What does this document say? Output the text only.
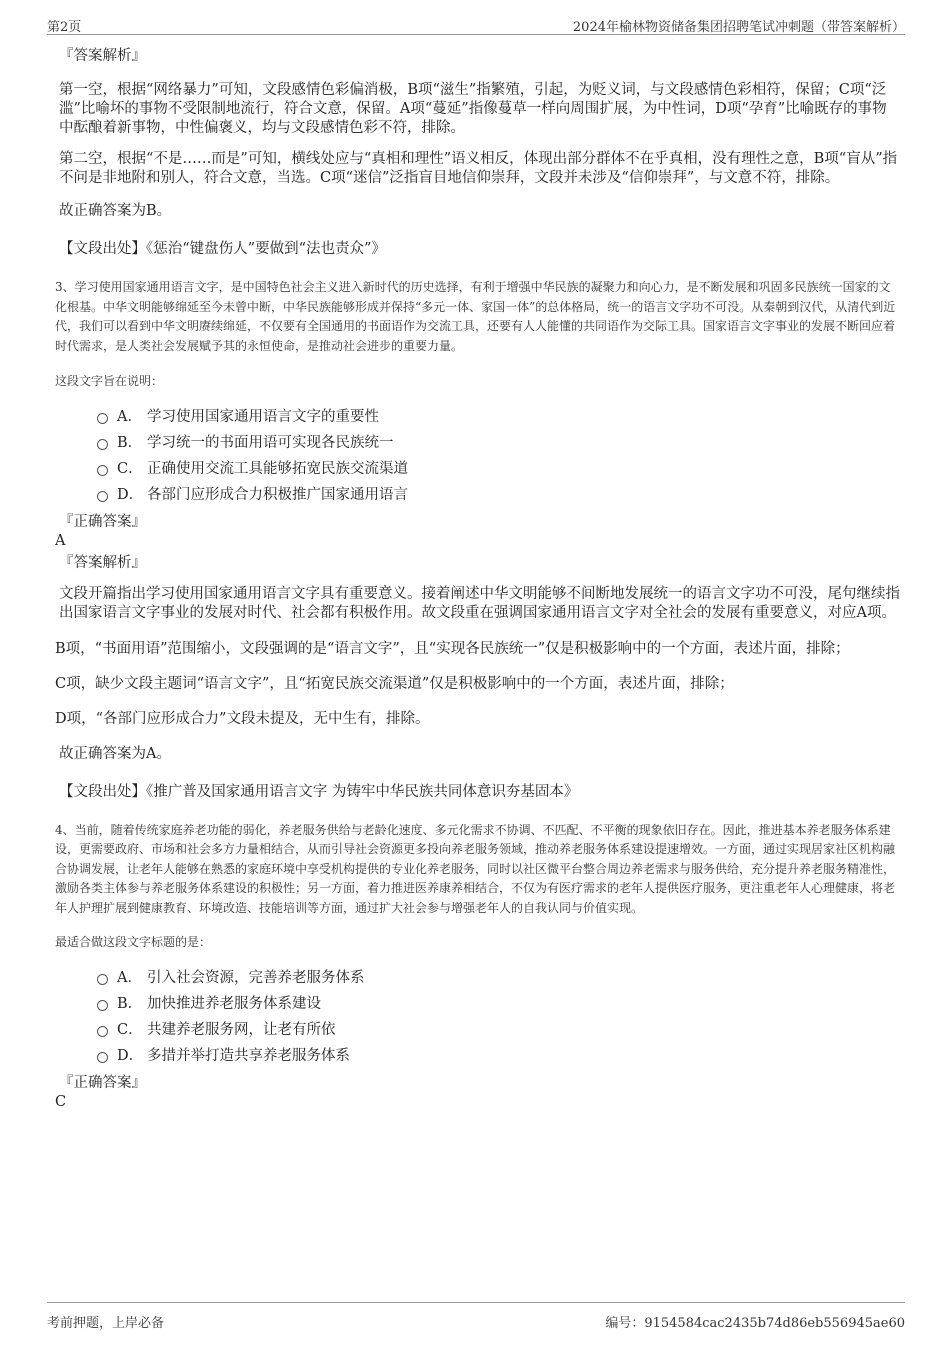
第2页	2024年榆林物资储备集团招聘笔试冲刺题（带答案解析）
『答案解析』
第一空，根据“网络暴力”可知，文段感情色彩偏消极，B项“滋生”指繁殖，引起，为贬义词，与文段感情色彩相符，保留；C项“泛滥”比喻坏的事物不受限制地流行，符合文意，保留。A项“蔓延”指像蔓草一样向周围扩展，为中性词，D项“孕育”比喻既存的事物中酝酿着新事物，中性偏褒义，均与文段感情色彩不符，排除。
第二空，根据“不是……而是”可知，横线处应与“真相和理性”语义相反，体现出部分群体不在乎真相，没有理性之意，B项“盲从”指不问是非地附和别人，符合文意，当选。C项“迷信”泛指盲目地信仰崇拜，文段并未涉及“信仰崇拜”，与文意不符，排除。
故正确答案为B。
【文段出处】《惩治“键盘伤人”要做到“法也责众”》
3、学习使用国家通用语言文字，是中国特色社会主义进入新时代的历史选择，有利于增强中华民族的凝聚力和向心力，是不断发展和巩固多民族统一国家的文化根基。中华文明能够绵延至今未曾中断，中华民族能够形成并保持“多元一体、家国一体”的总体格局，统一的语言文字功不可没。从秦朝到汉代，从清代到近代，我们可以看到中华文明赓续绵延，不仅要有全国通用的书面语作为交流工具，还要有人人能懂的共同语作为交际工具。国家语言文字事业的发展不断回应着时代需求，是人类社会发展赋予其的永恒使命，是推动社会进步的重要力量。
这段文字旨在说明：
A． 学习使用国家通用语言文字的重要性
B． 学习统一的书面用语可实现各民族统一
C． 正确使用交流工具能够拓宽民族交流渠道
D． 各部门应形成合力积极推广国家通用语言
『正确答案』
A
『答案解析』
文段开篇指出学习使用国家通用语言文字具有重要意义。接着阐述中华文明能够不间断地发展统一的语言文字功不可没，尾句继续指出国家语言文字事业的发展对时代、社会都有积极作用。故文段重在强调国家通用语言文字对全社会的发展有重要意义，对应A项。
B项，“书面用语”范围缩小，文段强调的是“语言文字”，且“实现各民族统一”仅是积极影响中的一个方面，表述片面，排除；
C项，缺少文段主题词“语言文字”，且“拓宽民族交流渠道”仅是积极影响中的一个方面，表述片面，排除；
D项，“各部门应形成合力”文段未提及，无中生有，排除。
故正确答案为A。
【文段出处】《推广普及国家通用语言文字 为铸牢中华民族共同体意识夯基固本》
4、当前，随着传统家庭养老功能的弱化，养老服务供给与老龄化速度、多元化需求不协调、不匹配、不平衡的现象依旧存在。因此，推进基本养老服务体系建设，更需要政府、市场和社会多方力量相结合，从而引导社会资源更多投向养老服务领域，推动养老服务体系建设提速增效。一方面，通过实现居家社区机构融合协调发展，让老年人能够在熟悉的家庭环境中享受机构提供的专业化养老服务，同时以社区微平台整合周边养老需求与服务供给，充分提升养老服务精准性，激励各类主体参与养老服务体系建设的积极性；另一方面，着力推进医养康养相结合，不仅为有医疗需求的老年人提供医疗服务，更注重老年人心理健康，将老年人护理扩展到健康教育、环境改造、技能培训等方面，通过扩大社会参与增强老年人的自我认同与价值实现。
最适合做这段文字标题的是：
A． 引入社会资源，完善养老服务体系
B． 加快推进养老服务体系建设
C． 共建养老服务网，让老有所依
D． 多措并举打造共享养老服务体系
『正确答案』
C
考前押题，上岸必备	编号：9154584cac2435b74d86eb556945ae60
